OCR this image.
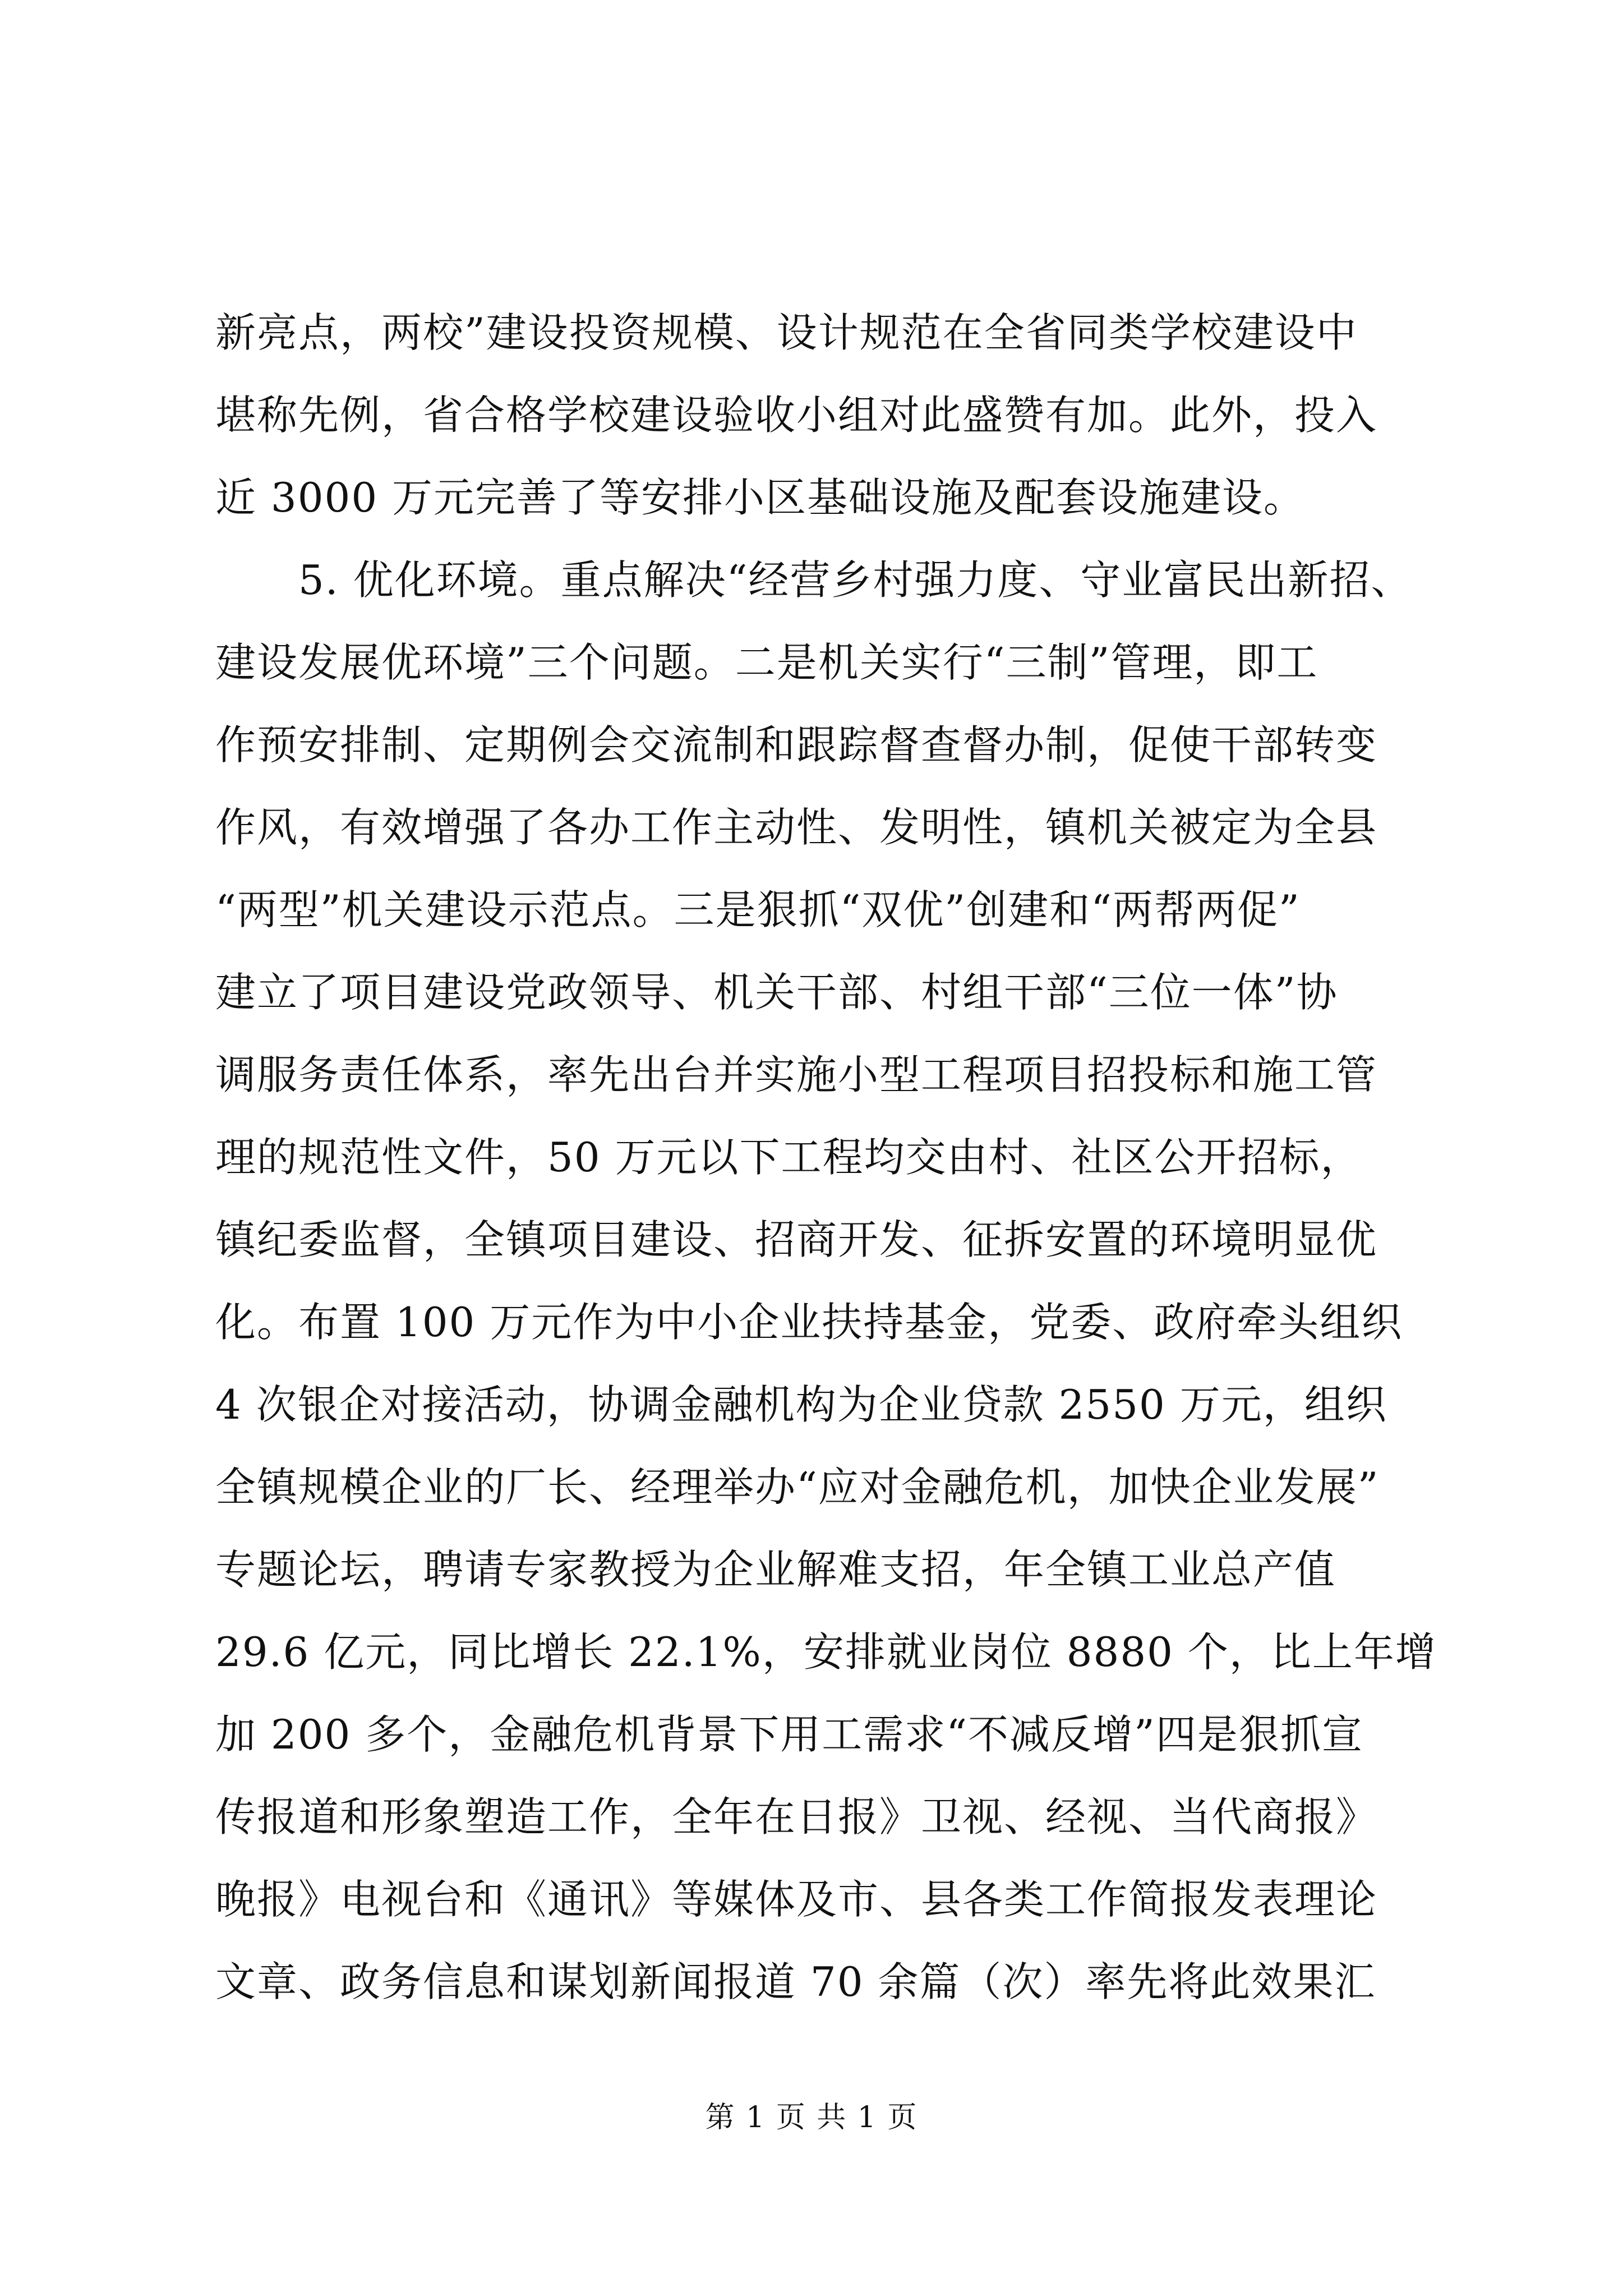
新亮点，两校”建设投资规模、设计规范在全省同类学校建设中
堪称先例，省合格学校建设验收小组对此盛赞有加。此外，投入
近 3000 万元完善了等安排小区基础设施及配套设施建设。
5. 优化环境。重点解决“经营乡村强力度、守业富民出新招、
建设发展优环境”三个问题。二是机关实行“三制”管理，即工
作预安排制、定期例会交流制和跟踪督查督办制，促使干部转变
作风，有效增强了各办工作主动性、发明性，镇机关被定为全县
“两型”机关建设示范点。三是狠抓“双优”创建和“两帮两促”
建立了项目建设党政领导、机关干部、村组干部“三位一体”协
调服务责任体系，率先出台并实施小型工程项目招投标和施工管
理的规范性文件，50 万元以下工程均交由村、社区公开招标，
镇纪委监督，全镇项目建设、招商开发、征拆安置的环境明显优
化。布置 100 万元作为中小企业扶持基金，党委、政府牵头组织
4 次银企对接活动，协调金融机构为企业贷款 2550 万元，组织
全镇规模企业的厂长、经理举办“应对金融危机，加快企业发展”
专题论坛，聘请专家教授为企业解难支招，年全镇工业总产值
29.6 亿元，同比增长 22.1%，安排就业岗位 8880 个，比上年增
加 200 多个，金融危机背景下用工需求“不减反增”四是狠抓宣
传报道和形象塑造工作，全年在日报》卫视、经视、当代商报》
晚报》电视台和《通讯》等媒体及市、县各类工作简报发表理论
文章、政务信息和谋划新闻报道 70 余篇（次）率先将此效果汇
第 1 页 共 1 页
